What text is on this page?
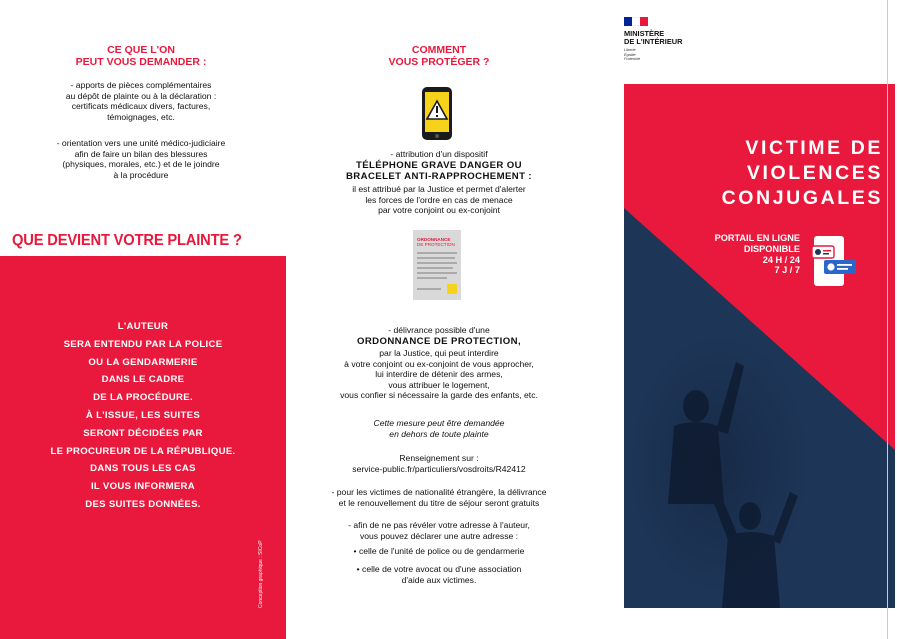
CE QUE L'ON
PEUT VOUS DEMANDER :
- apports de pièces complémentaires
au dépôt de plainte ou à la déclaration :
certificats médicaux divers, factures,
témoignages, etc.
- orientation vers une unité médico-judiciaire
afin de faire un bilan des blessures
(physiques, morales, etc.) et de le joindre
à la procédure
QUE DEVIENT VOTRE PLAINTE ?
L'AUTEUR
SERA ENTENDU PAR LA POLICE
OU LA GENDARMERIE
DANS LE CADRE
DE LA PROCÉDURE.
À L'ISSUE, LES SUITES
SERONT DÉCIDÉES PAR
LE PROCUREUR DE LA RÉPUBLIQUE.
DANS TOUS LES CAS
IL VOUS INFORMERA
DES SUITES DONNÉES.
Conception graphique : SICoP
COMMENT
VOUS PROTÉGER ?
- attribution d'un dispositif
TÉLÉPHONE GRAVE DANGER OU
BRACELET ANTI-RAPPROCHEMENT :
il est attribué par la Justice et permet d'alerter
les forces de l'ordre en cas de menace
par votre conjoint ou ex-conjoint
ORDONNANCE
DE PROTECTION
- délivrance possible d'une
ORDONNANCE DE PROTECTION,
par la Justice, qui peut interdire
à votre conjoint ou ex-conjoint de vous approcher,
lui interdire de détenir des armes,
vous attribuer le logement,
vous confier si nécessaire la garde des enfants, etc.
Cette mesure peut être demandée
en dehors de toute plainte
Renseignement sur :
service-public.fr/particuliers/vosdroits/R42412
- pour les victimes de nationalité étrangère, la délivrance
et le renouvellement du titre de séjour seront gratuits
- afin de ne pas révéler votre adresse à l'auteur,
vous pouvez déclarer une autre adresse :
• celle de l'unité de police ou de gendarmerie
• celle de votre avocat ou d'une association
d'aide aux victimes.
MINISTÈRE
DE L'INTÉRIEUR
Liberté
Égalité
Fraternité
VICTIME DE
VIOLENCES
CONJUGALES
PORTAIL EN LIGNE
DISPONIBLE
24 H / 24
7 J / 7
